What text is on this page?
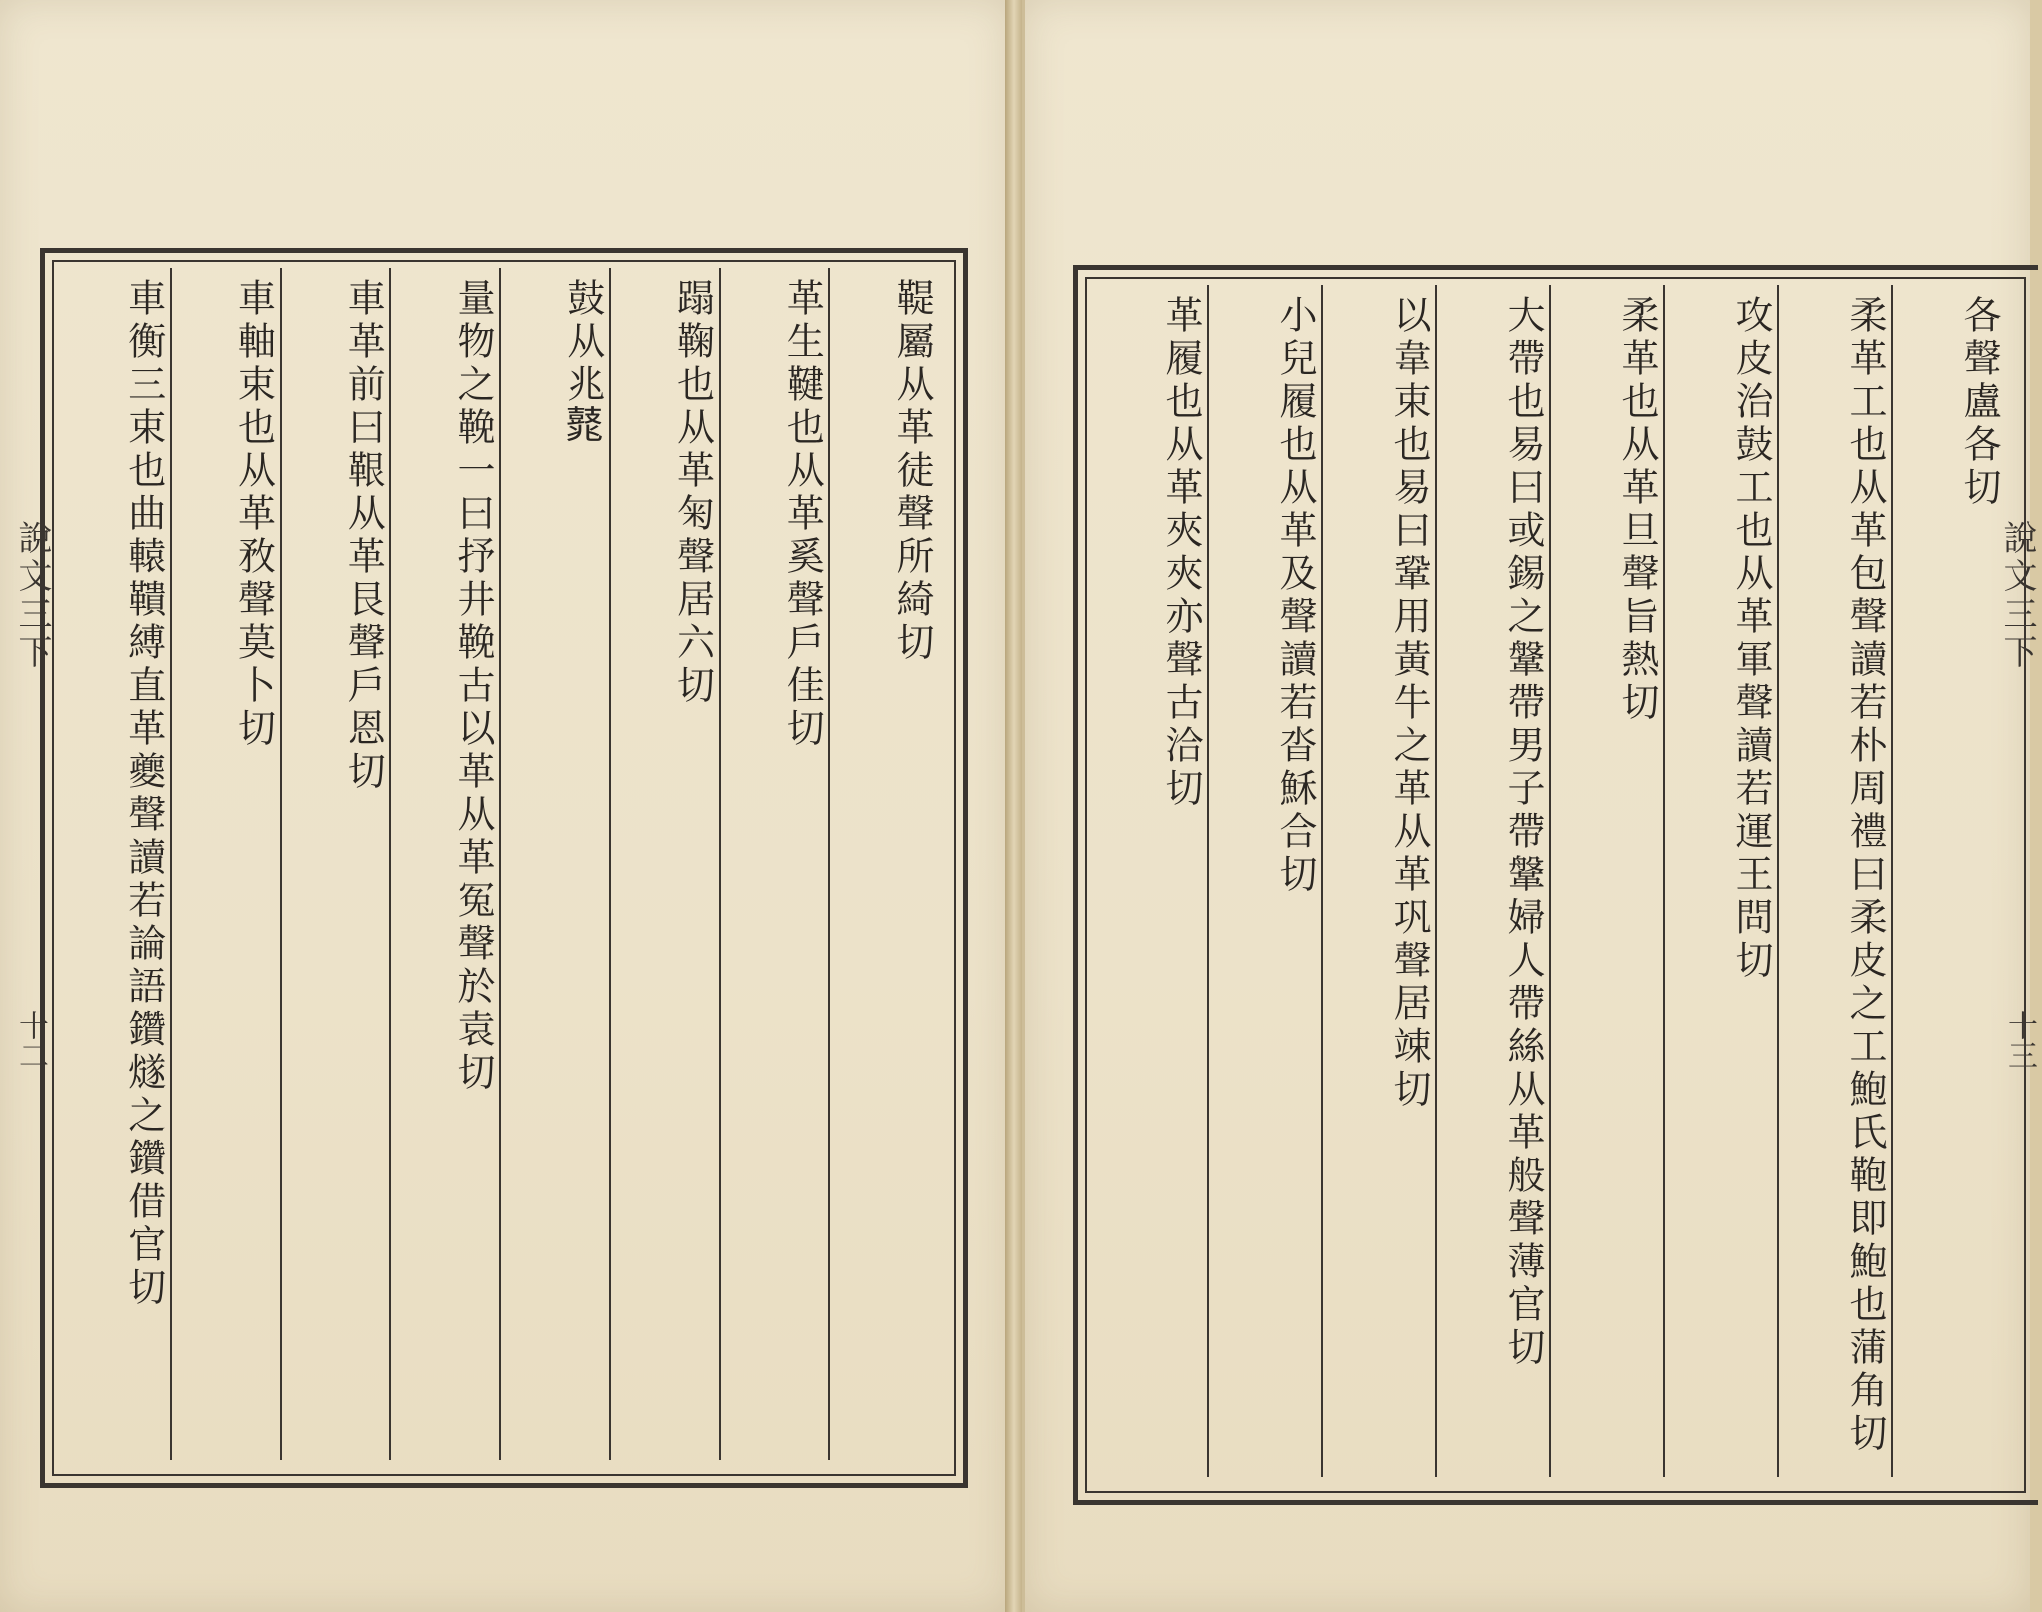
鞮屬从革徒
聲所綺切
革生鞬也从革
奚聲戶佳切
蹋鞠也从革
匊聲居六切
鼓从兆
𪔛
量物之鞔一曰抒井鞔古
以革从革冤聲於袁切
車革前曰鞎从
革艮聲戶恩切
車軸束也从革
敄聲莫卜切
車衡三束也曲轅鞼縛直
革夔聲讀若論語鑽燧之鑽借官切
說文三下
十二
各聲盧
各切
柔革工也从革包聲讀若朴周禮曰
柔皮之工鮑氏鞄即鮑也蒲角切
攻皮治鼓工也从革
軍聲讀若運王問切
柔革也从革
旦聲旨熱切
大帶也易曰或錫之鞶帶男子帶
鞶婦人帶絲从革般聲薄官切
以韋束也易曰鞏用黃牛
之革从革巩聲居竦切
小兒履也从革及
聲讀若沓穌合切
革履也从革
夾夾亦聲古洽切	說文三下
十三
